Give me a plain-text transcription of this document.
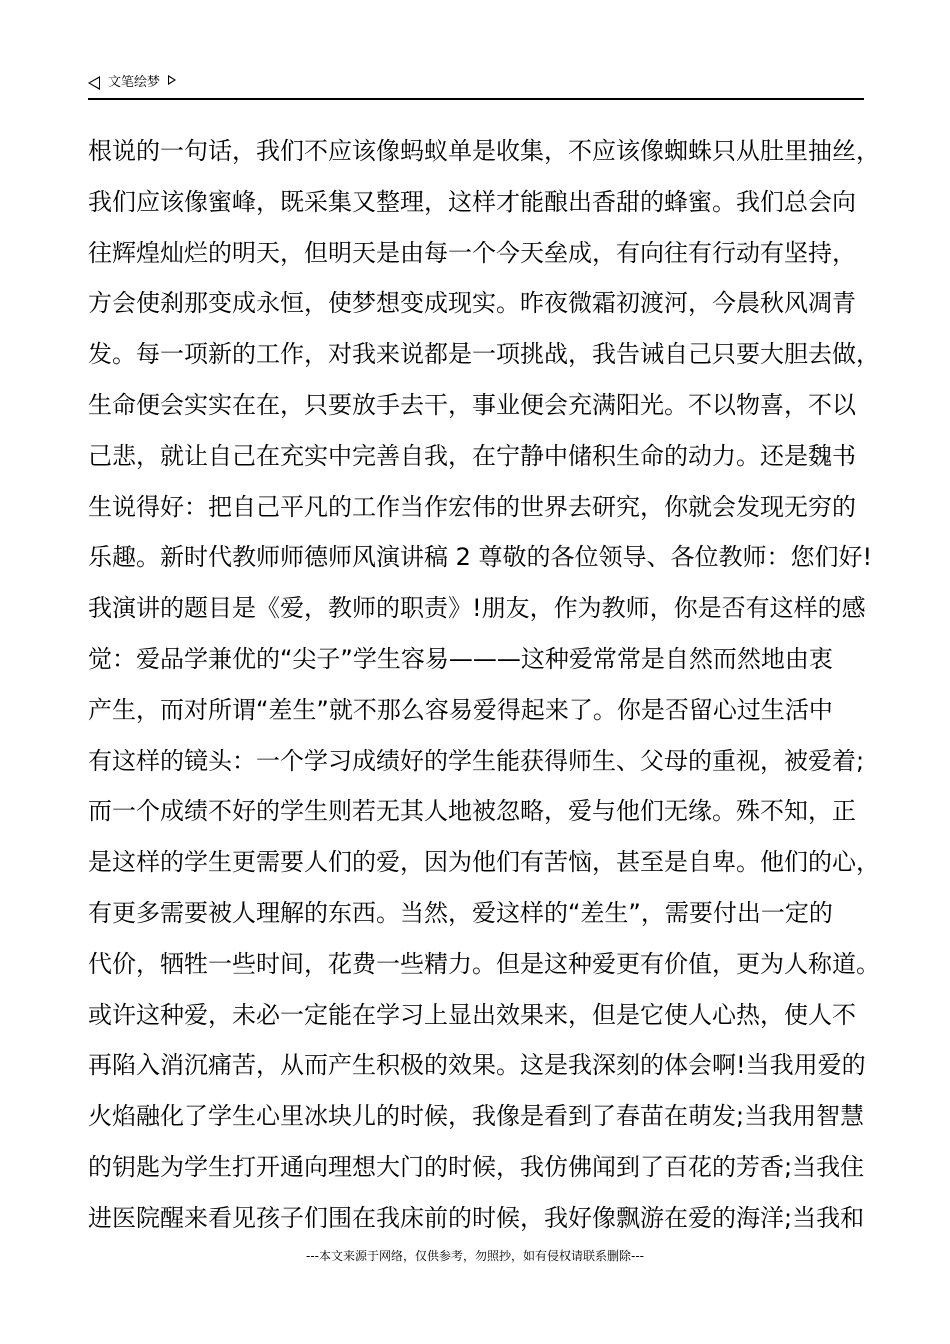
文笔绘梦
根说的一句话，我们不应该像蚂蚁单是收集，不应该像蜘蛛只从肚里抽丝，
我们应该像蜜峰，既采集又整理，这样才能酿出香甜的蜂蜜。我们总会向
往辉煌灿烂的明天，但明天是由每一个今天垒成，有向往有行动有坚持，
方会使刹那变成永恒，使梦想变成现实。昨夜微霜初渡河，今晨秋风凋青
发。每一项新的工作，对我来说都是一项挑战，我告诫自己只要大胆去做，
生命便会实实在在，只要放手去干，事业便会充满阳光。不以物喜，不以
己悲，就让自己在充实中完善自我，在宁静中储积生命的动力。还是魏书
生说得好：把自己平凡的工作当作宏伟的世界去研究，你就会发现无穷的
乐趣。新时代教师师德师风演讲稿 2 尊敬的各位领导、各位教师：您们好!
我演讲的题目是《爱，教师的职责》!朋友，作为教师，你是否有这样的感
觉：爱品学兼优的“尖子”学生容易———这种爱常常是自然而然地由衷
产生，而对所谓“差生”就不那么容易爱得起来了。你是否留心过生活中
有这样的镜头：一个学习成绩好的学生能获得师生、父母的重视，被爱着;
而一个成绩不好的学生则若无其人地被忽略，爱与他们无缘。殊不知，正
是这样的学生更需要人们的爱，因为他们有苦恼，甚至是自卑。他们的心，
有更多需要被人理解的东西。当然，爱这样的“差生”，需要付出一定的
代价，牺牲一些时间，花费一些精力。但是这种爱更有价值，更为人称道。
或许这种爱，未必一定能在学习上显出效果来，但是它使人心热，使人不
再陷入消沉痛苦，从而产生积极的效果。这是我深刻的体会啊!当我用爱的
火焰融化了学生心里冰块儿的时候，我像是看到了春苗在萌发;当我用智慧
的钥匙为学生打开通向理想大门的时候，我仿佛闻到了百花的芳香;当我住
进医院醒来看见孩子们围在我床前的时候，我好像飘游在爱的海洋;当我和
---本文来源于网络，仅供参考，勿照抄，如有侵权请联系删除---
